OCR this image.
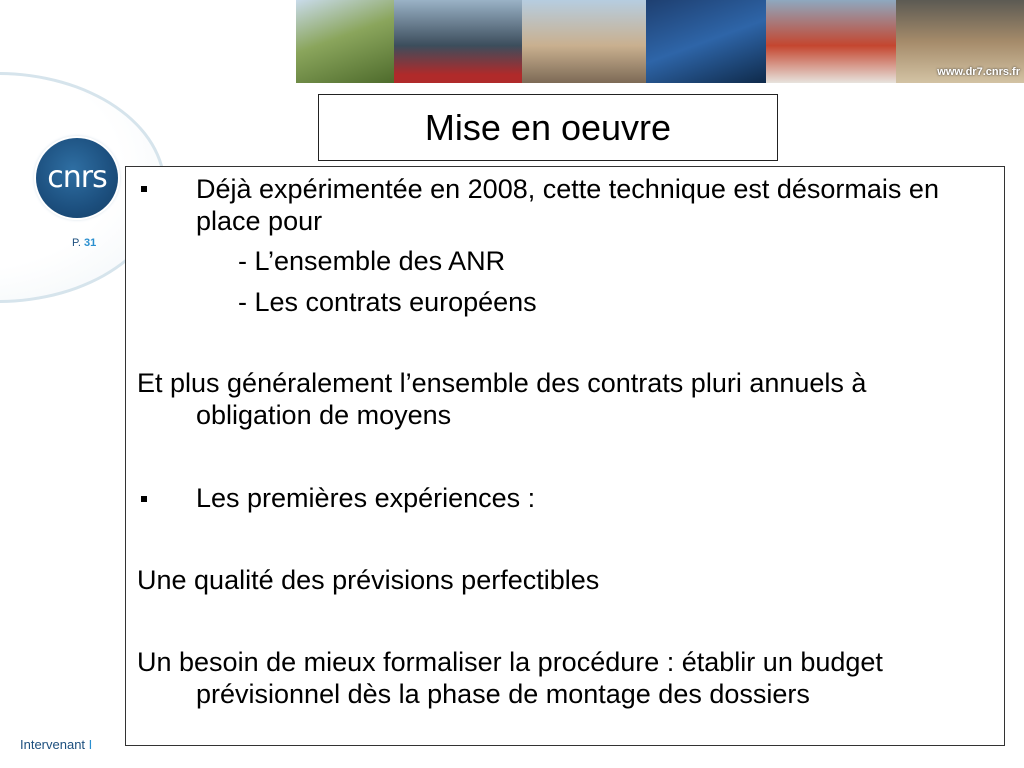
www.dr7.cnrs.fr
cnrs
P. 31
Mise en oeuvre
Déjà expérimentée en 2008, cette technique est désormais en
place pour
- L’ensemble des ANR
- Les contrats européens
Et plus généralement l’ensemble des contrats pluri annuels à
obligation de moyens
Les premières expériences :
Une qualité des prévisions perfectibles
Un besoin de mieux formaliser la procédure : établir un budget
prévisionnel dès la phase de montage des dossiers
Intervenant I
